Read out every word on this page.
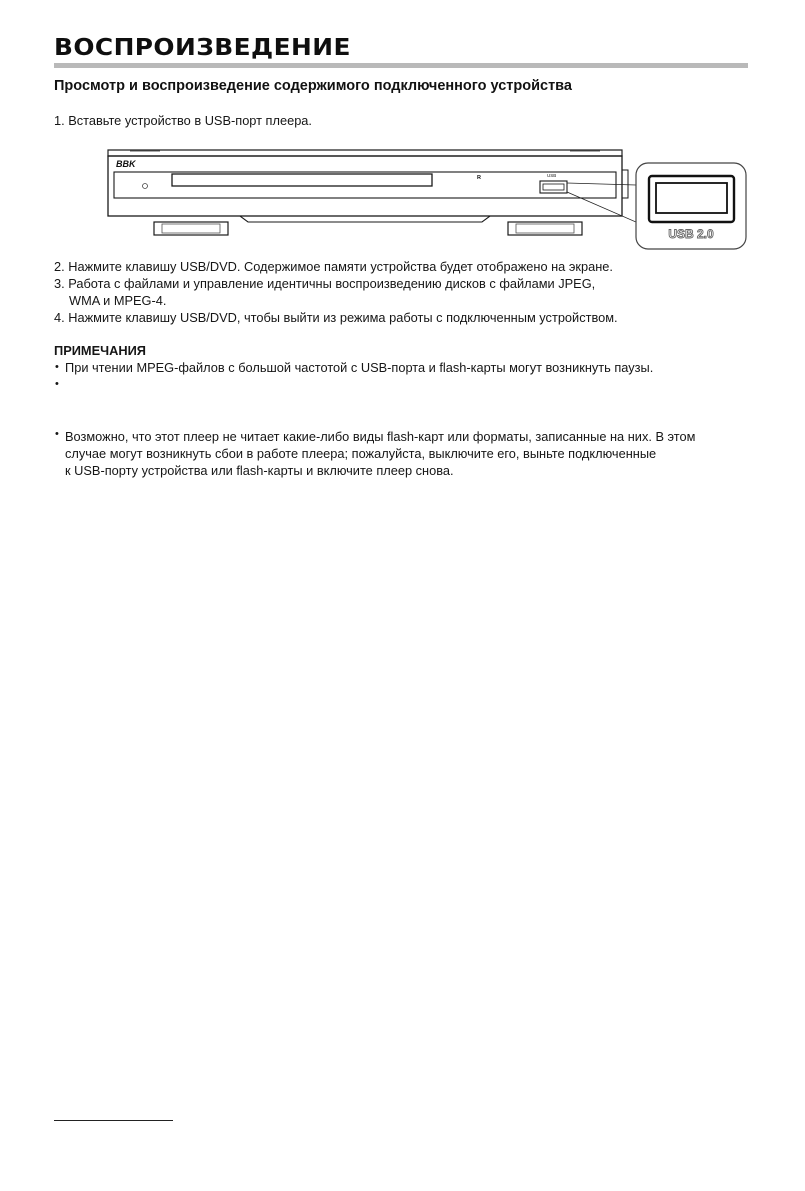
ВОСПРОИЗВЕДЕНИЕ
Просмотр и воспроизведение содержимого подключенного устройства
1. Вставьте устройство в USB-порт плеера.
BBK
R	USB
USB 2.0
2. Нажмите клавишу USB/DVD. Содержимое памяти устройства будет отображено на экране.
3. Работа с файлами и управление идентичны воспроизведению дисков с файлами JPEG,
WMA и MPEG-4.
4. Нажмите клавишу USB/DVD, чтобы выйти из режима работы с подключенным устройством.
ПРИМЕЧАНИЯ
• При чтении MPEG-файлов с большой частотой с USB-порта и flash-карты могут возникнуть паузы.
•
• Возможно, что этот плеер не читает какие-либо виды flash-карт или форматы, записанные на них. В этом
случае могут возникнуть сбои в работе плеера; пожалуйста, выключите его, выньте подключенные
к USB-порту устройства или flash-карты и включите плеер снова.
